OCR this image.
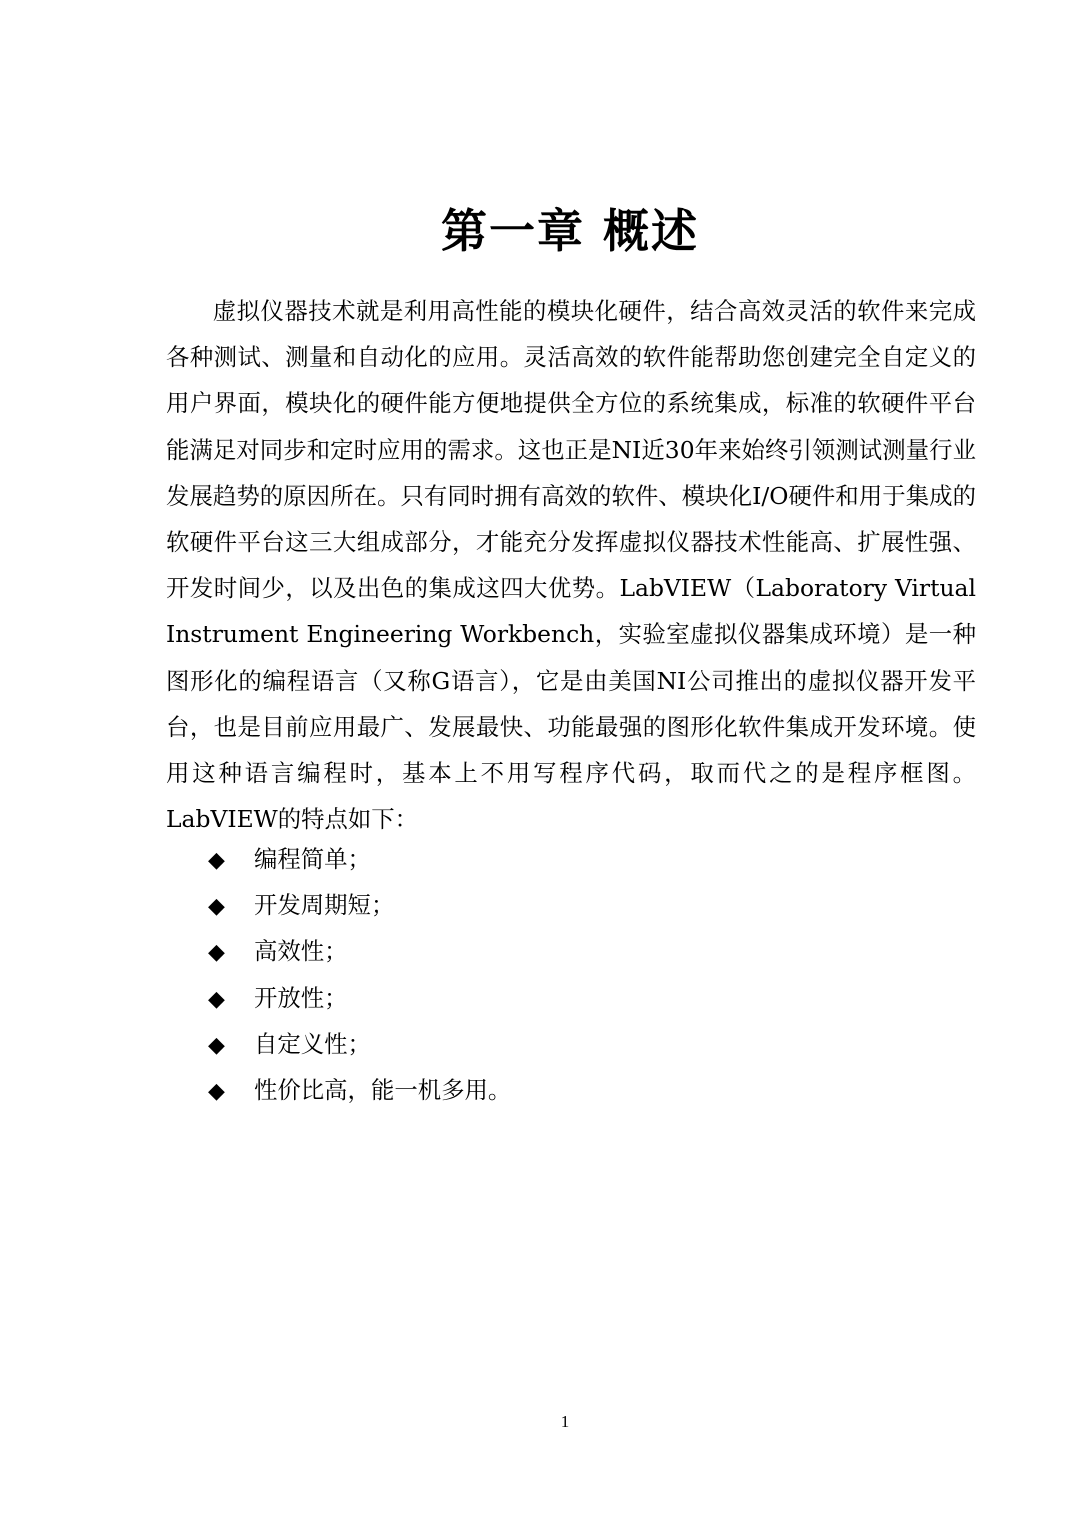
第一章 概述

虚拟仪器技术就是利用高性能的模块化硬件，结合高效灵活的软件来完成各种测试、测量和自动化的应用。灵活高效的软件能帮助您创建完全自定义的用户界面，模块化的硬件能方便地提供全方位的系统集成，标准的软硬件平台能满足对同步和定时应用的需求。这也正是NI近30年来始终引领测试测量行业发展趋势的原因所在。只有同时拥有高效的软件、模块化I/O硬件和用于集成的软硬件平台这三大组成部分，才能充分发挥虚拟仪器技术性能高、扩展性强、开发时间少，以及出色的集成这四大优势。LabVIEW（Laboratory Virtual Instrument Engineering Workbench，实验室虚拟仪器集成环境）是一种图形化的编程语言（又称G语言），它是由美国NI公司推出的虚拟仪器开发平台，也是目前应用最广、发展最快、功能最强的图形化软件集成开发环境。使用这种语言编程时，基本上不用写程序代码，取而代之的是程序框图。LabVIEW的特点如下：

◆ 编程简单；
◆ 开发周期短；
◆ 高效性；
◆ 开放性；
◆ 自定义性；
◆ 性价比高，能一机多用。
1
